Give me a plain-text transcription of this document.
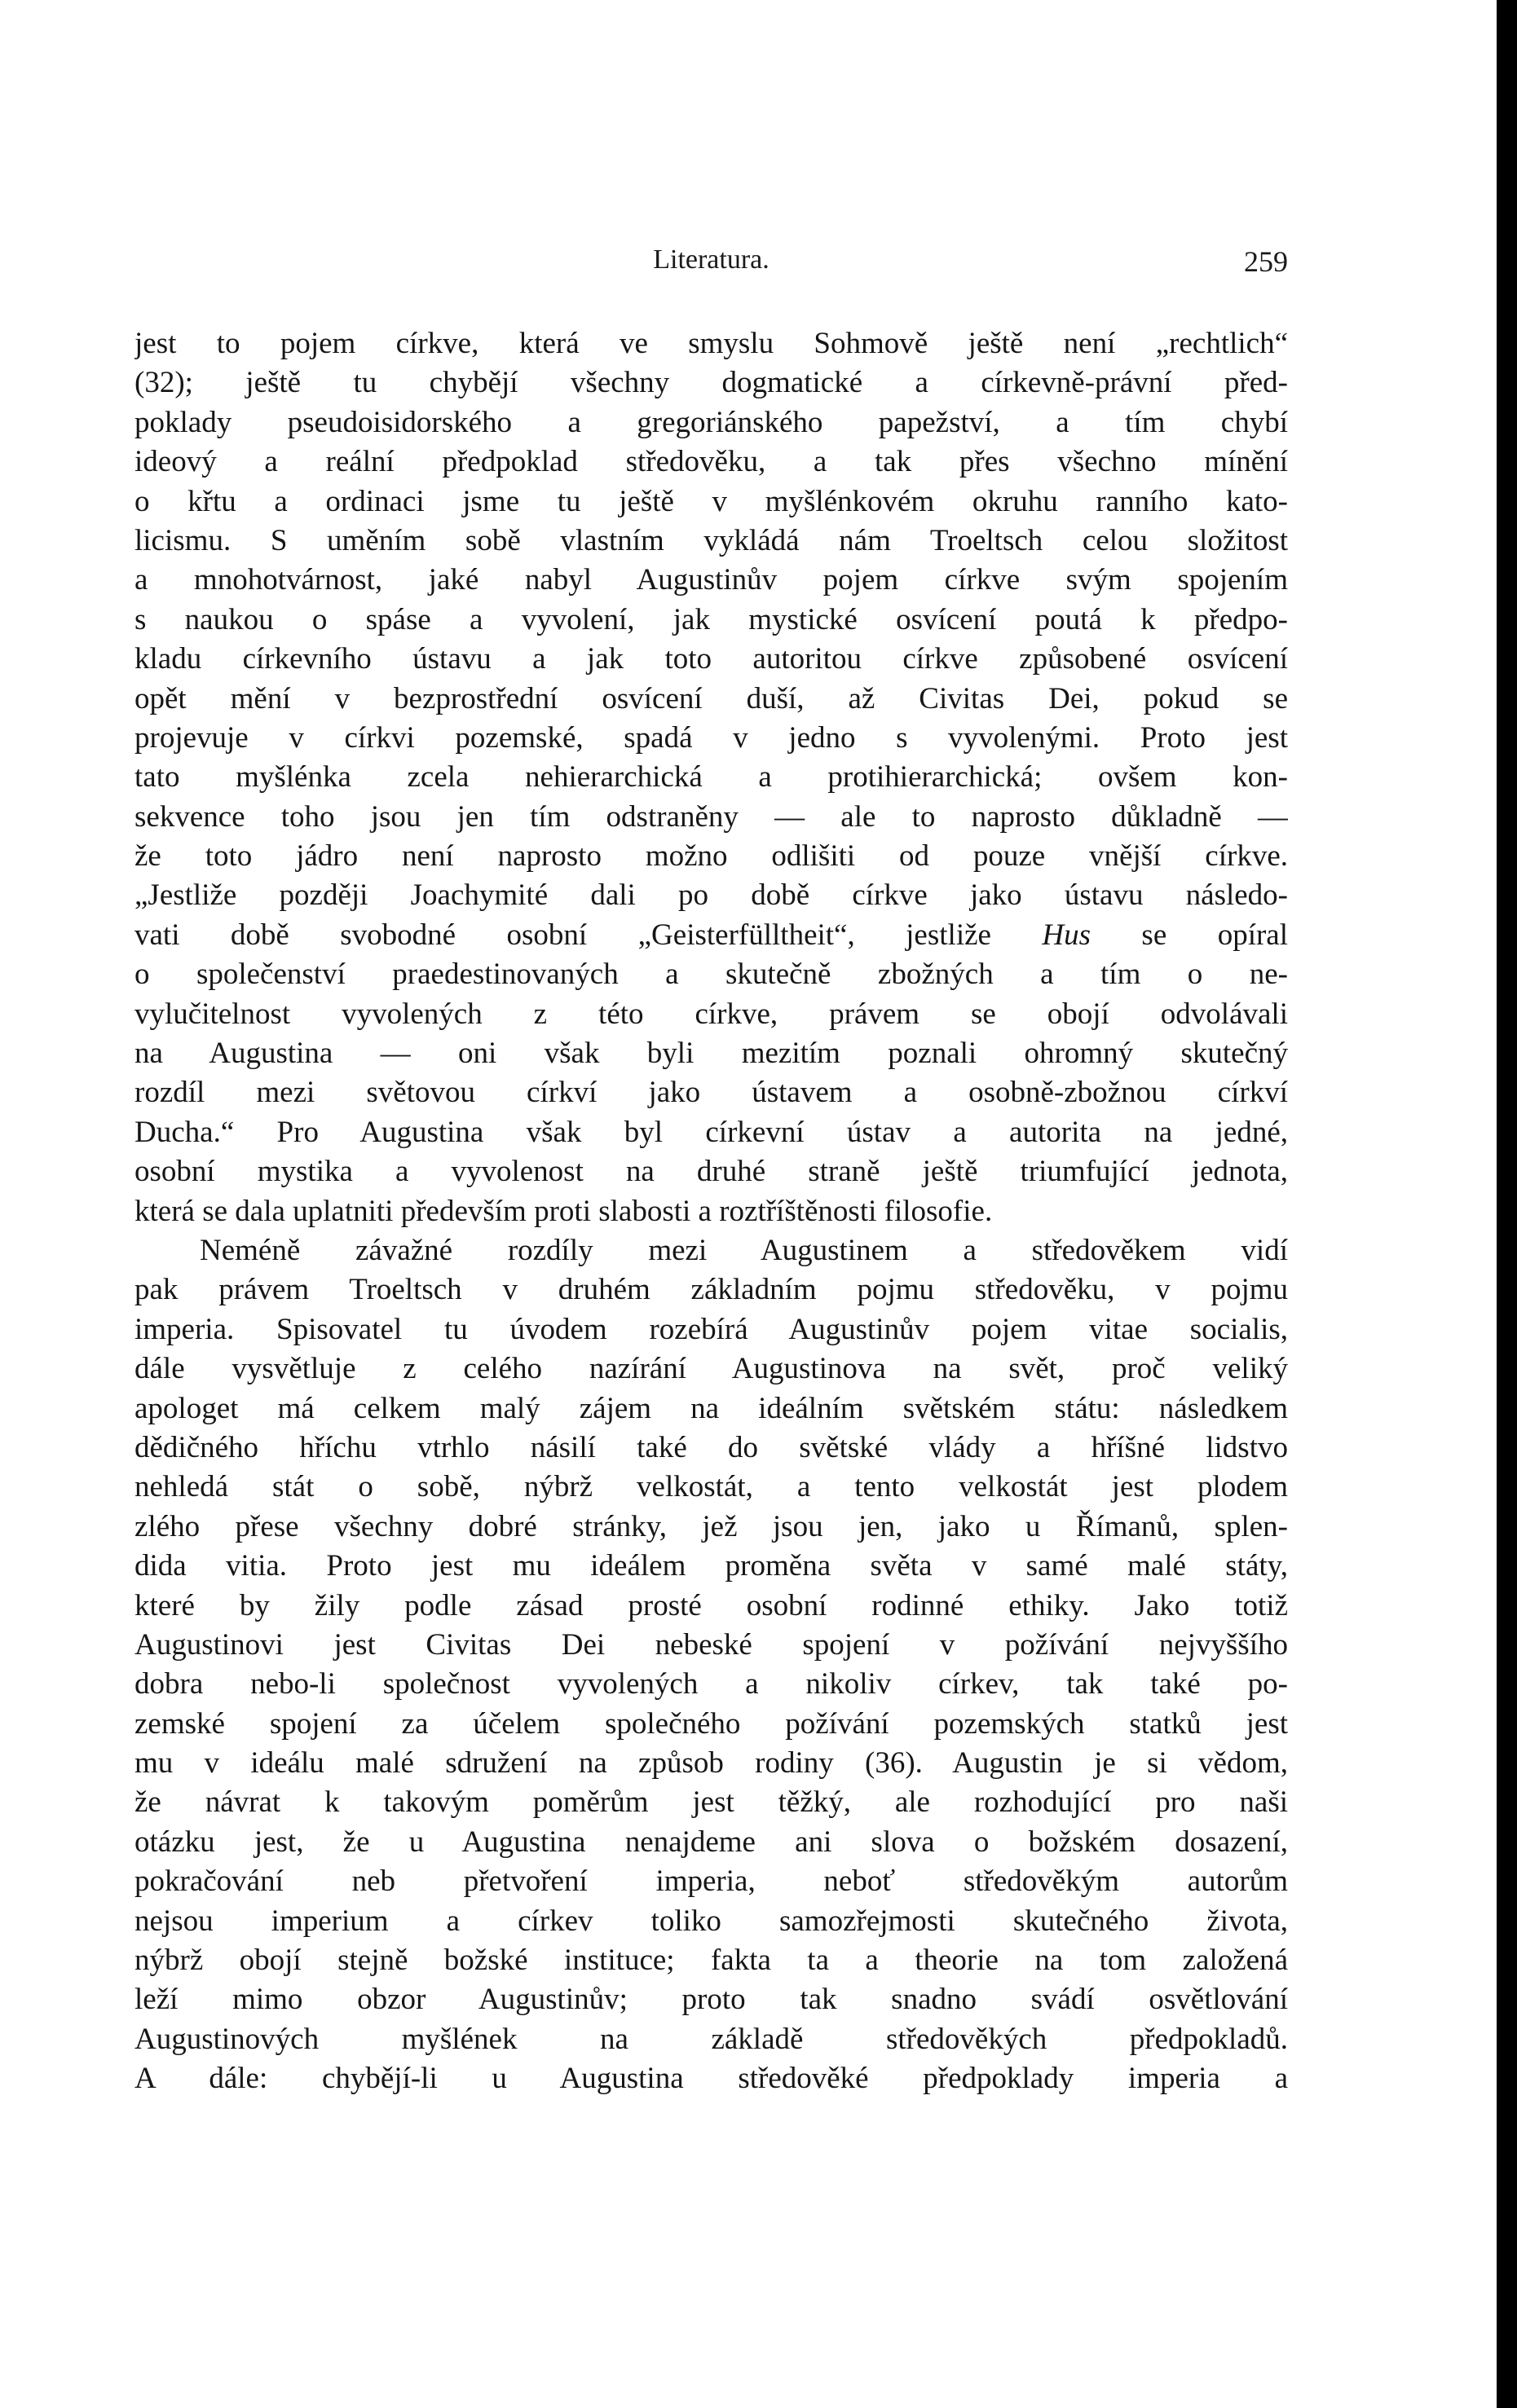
Literatura.	259
jest to pojem církve, která ve smyslu Sohmově ještě není „rechtlich“
(32); ještě tu chybějí všechny dogmatické a církevně-právní před-
poklady pseudoisidorského a gregoriánského papežství, a tím chybí
ideový a reální předpoklad středověku, a tak přes všechno mínění
o křtu a ordinaci jsme tu ještě v myšlénkovém okruhu ranního kato-
licismu. S uměním sobě vlastním vykládá nám Troeltsch celou složitost
a mnohotvárnost, jaké nabyl Augustinův pojem církve svým spojením
s naukou o spáse a vyvolení, jak mystické osvícení poutá k předpo-
kladu církevního ústavu a jak toto autoritou církve způsobené osvícení
opět mění v bezprostřední osvícení duší, až Civitas Dei, pokud se
projevuje v církvi pozemské, spadá v jedno s vyvolenými. Proto jest
tato myšlénka zcela nehierarchická a protihierarchická; ovšem kon-
sekvence toho jsou jen tím odstraněny — ale to naprosto důkladně —
že toto jádro není naprosto možno odlišiti od pouze vnější církve.
„Jestliže později Joachymité dali po době církve jako ústavu následo-
vati době svobodné osobní „Geisterfülltheit“, jestliže Hus se opíral
o společenství praedestinovaných a skutečně zbožných a tím o ne-
vylučitelnost vyvolených z této církve, právem se obojí odvolávali
na Augustina — oni však byli mezitím poznali ohromný skutečný
rozdíl mezi světovou církví jako ústavem a osobně-zbožnou církví
Ducha.“ Pro Augustina však byl církevní ústav a autorita na jedné,
osobní mystika a vyvolenost na druhé straně ještě triumfující jednota,
která se dala uplatniti především proti slabosti a roztříštěnosti filosofie.
Neméně závažné rozdíly mezi Augustinem a středověkem vidí
pak právem Troeltsch v druhém základním pojmu středověku, v pojmu
imperia. Spisovatel tu úvodem rozebírá Augustinův pojem vitae socialis,
dále vysvětluje z celého nazírání Augustinova na svět, proč veliký
apologet má celkem malý zájem na ideálním světském státu: následkem
dědičného hříchu vtrhlo násilí také do světské vlády a hříšné lidstvo
nehledá stát o sobě, nýbrž velkostát, a tento velkostát jest plodem
zlého přese všechny dobré stránky, jež jsou jen, jako u Římanů, splen-
dida vitia. Proto jest mu ideálem proměna světa v samé malé státy,
které by žily podle zásad prosté osobní rodinné ethiky. Jako totiž
Augustinovi jest Civitas Dei nebeské spojení v požívání nejvyššího
dobra nebo-li společnost vyvolených a nikoliv církev, tak také po-
zemské spojení za účelem společného požívání pozemských statků jest
mu v ideálu malé sdružení na způsob rodiny (36). Augustin je si vědom,
že návrat k takovým poměrům jest těžký, ale rozhodující pro naši
otázku jest, že u Augustina nenajdeme ani slova o božském dosazení,
pokračování neb přetvoření imperia, neboť středověkým autorům
nejsou imperium a církev toliko samozřejmosti skutečného života,
nýbrž obojí stejně božské instituce; fakta ta a theorie na tom založená
leží mimo obzor Augustinův; proto tak snadno svádí osvětlování
Augustinových myšlének na základě středověkých předpokladů.
A dále: chybějí-li u Augustina středověké předpoklady imperia a
